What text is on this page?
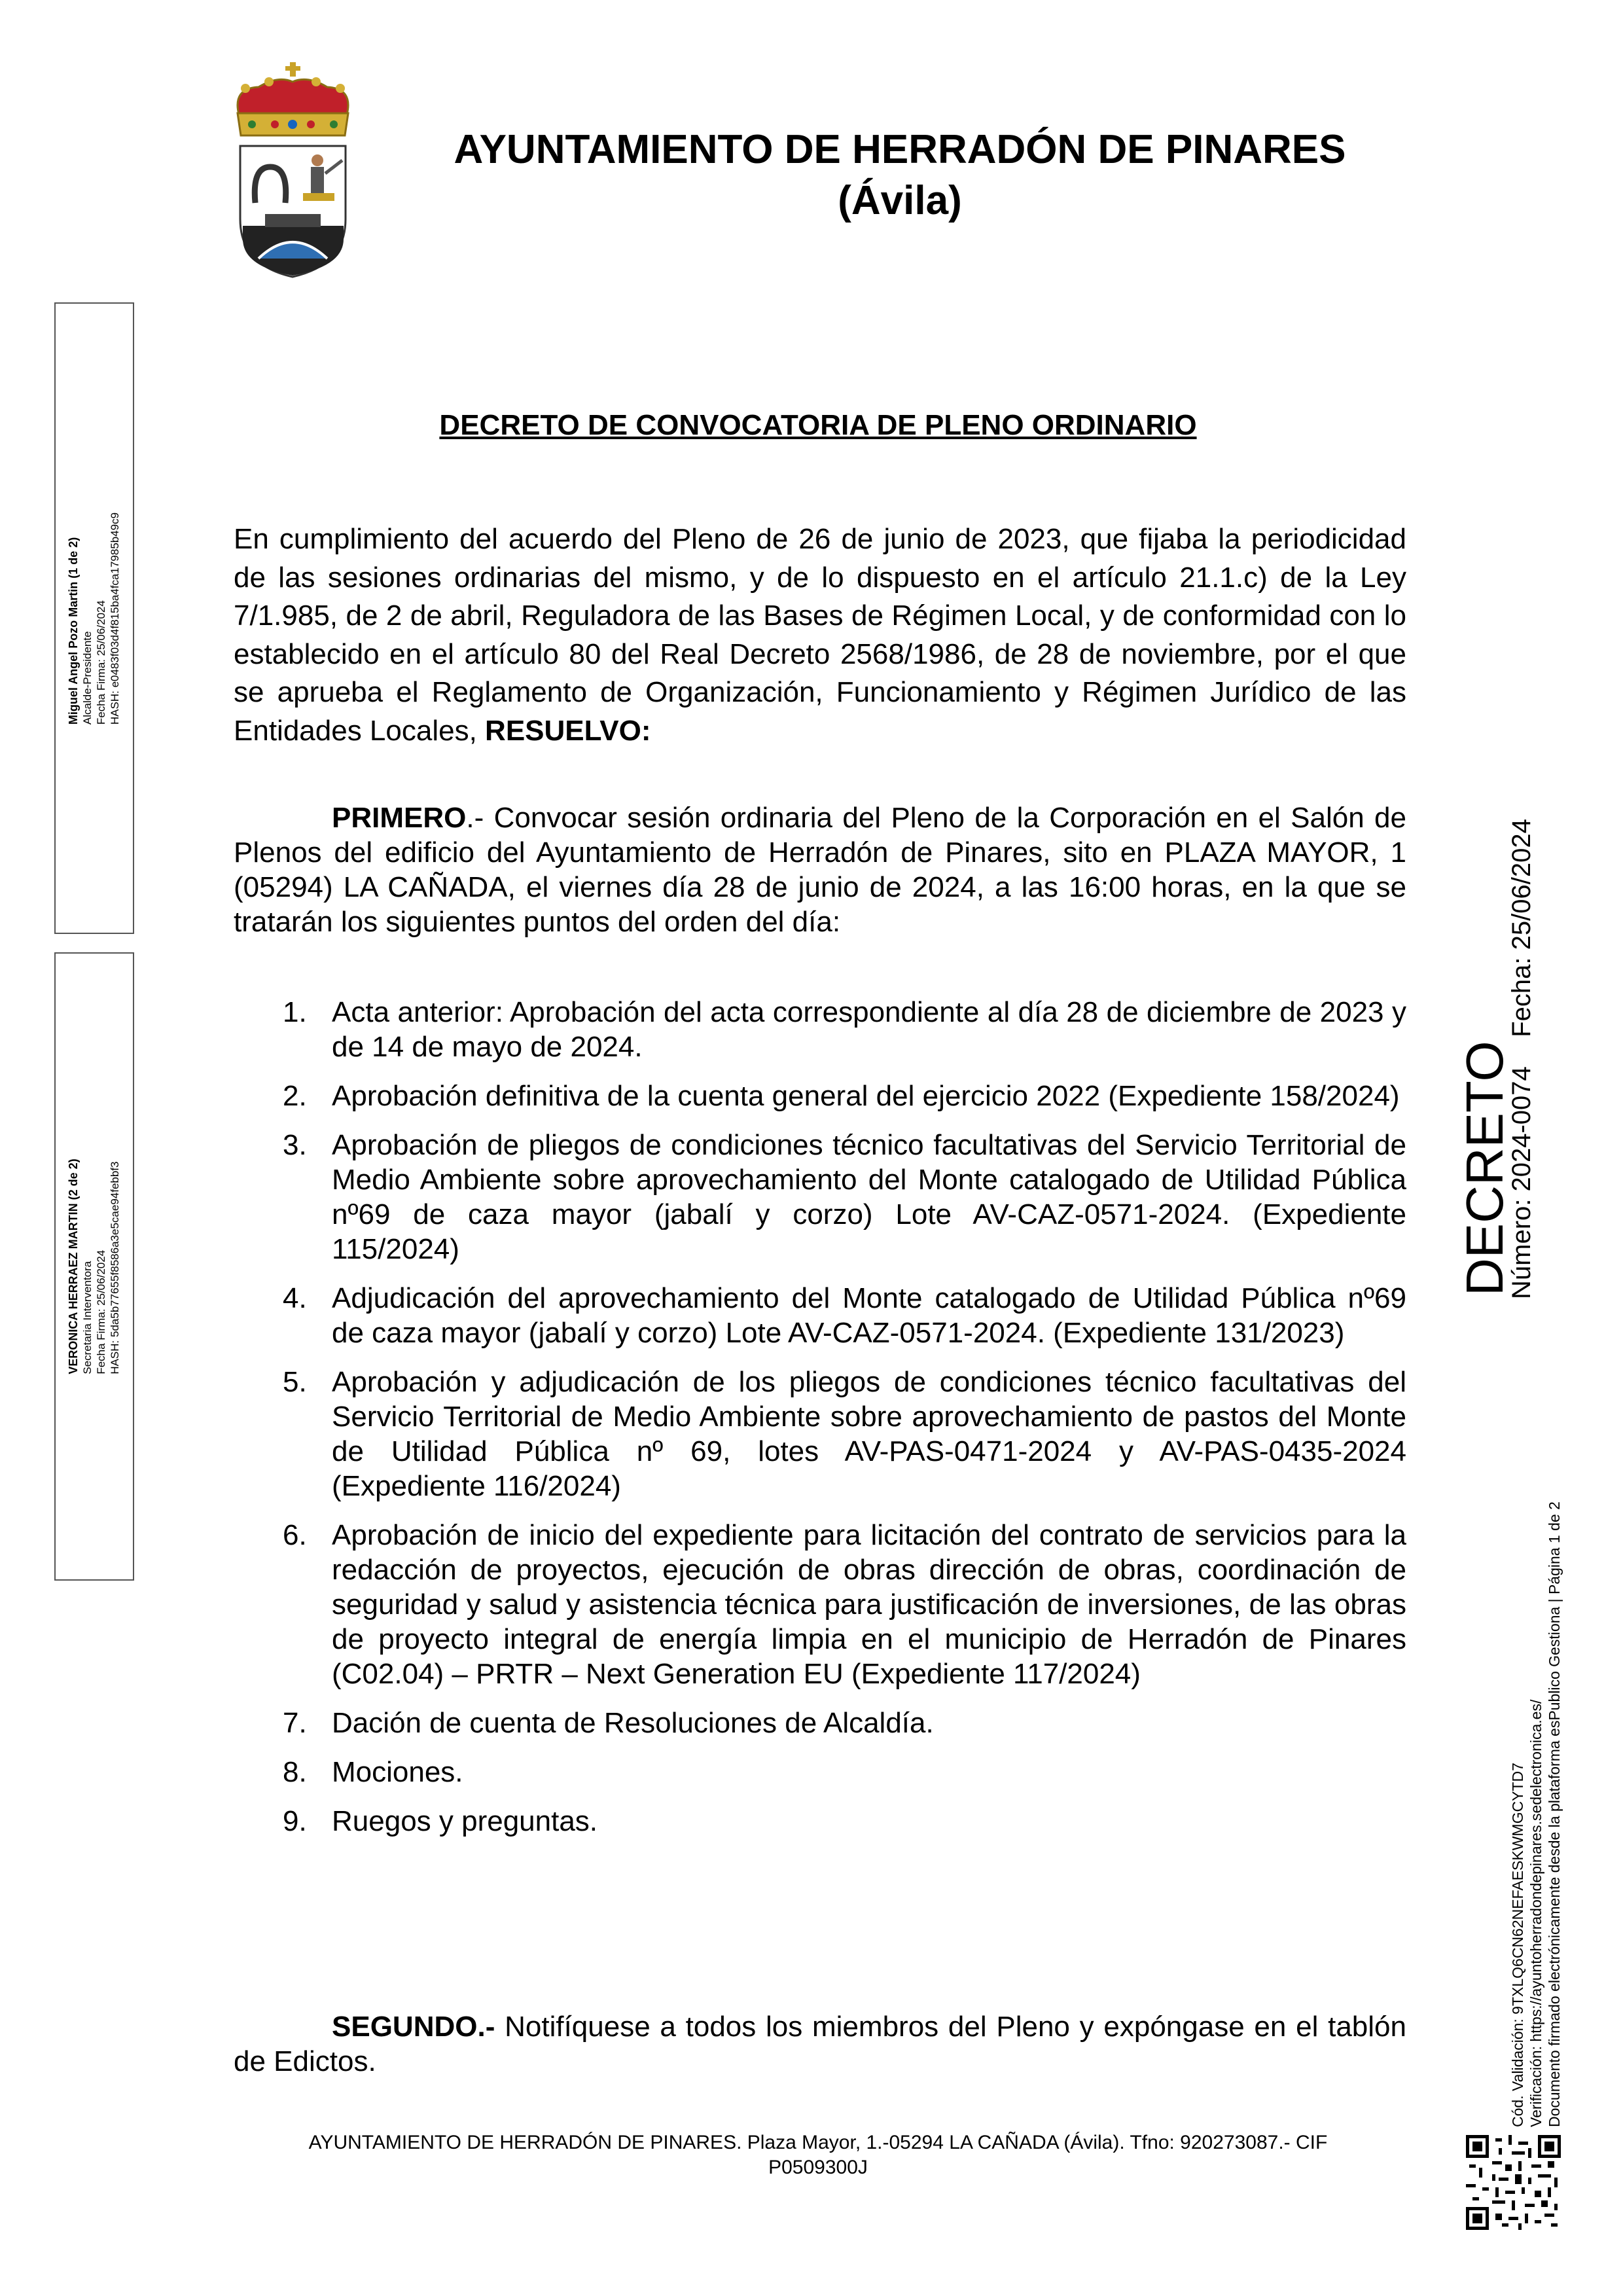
AYUNTAMIENTO DE HERRADÓN DE PINARES
(Ávila)
DECRETO DE CONVOCATORIA DE PLENO ORDINARIO
En cumplimiento del acuerdo del Pleno de 26 de junio de 2023, que fijaba la periodicidad de las sesiones ordinarias del mismo, y de lo dispuesto en el artículo 21.1.c) de la Ley 7/1.985, de 2 de abril, Reguladora de las Bases de Régimen Local, y de conformidad con lo establecido en el artículo 80 del Real Decreto 2568/1986, de 28 de noviembre, por el que se aprueba el Reglamento de Organización, Funcionamiento y Régimen Jurídico de las Entidades Locales, RESUELVO:
PRIMERO.- Convocar sesión ordinaria del Pleno de la Corporación en el Salón de Plenos del edificio del Ayuntamiento de Herradón de Pinares, sito en PLAZA MAYOR, 1 (05294) LA CAÑADA, el viernes día 28 de junio de 2024, a las 16:00 horas, en la que se tratarán los siguientes puntos del orden del día:
1. Acta anterior: Aprobación del acta correspondiente al día 28 de diciembre de 2023 y de 14 de mayo de 2024.
2. Aprobación definitiva de la cuenta general del ejercicio 2022 (Expediente 158/2024)
3. Aprobación de pliegos de condiciones técnico facultativas del Servicio Territorial de Medio Ambiente sobre aprovechamiento del Monte catalogado de Utilidad Pública nº69 de caza mayor (jabalí y corzo) Lote AV-CAZ-0571-2024. (Expediente 115/2024)
4. Adjudicación del aprovechamiento del Monte catalogado de Utilidad Pública nº69 de caza mayor (jabalí y corzo) Lote AV-CAZ-0571-2024. (Expediente 131/2023)
5. Aprobación y adjudicación de los pliegos de condiciones técnico facultativas del Servicio Territorial de Medio Ambiente sobre aprovechamiento de pastos del Monte de Utilidad Pública nº 69, lotes AV-PAS-0471-2024 y AV-PAS-0435-2024 (Expediente 116/2024)
6. Aprobación de inicio del expediente para licitación del contrato de servicios para la redacción de proyectos, ejecución de obras dirección de obras, coordinación de seguridad y salud y asistencia técnica para justificación de inversiones, de las obras de proyecto integral de energía limpia en el municipio de Herradón de Pinares (C02.04) – PRTR – Next Generation EU (Expediente 117/2024)
7. Dación de cuenta de Resoluciones de Alcaldía.
8. Mociones.
9. Ruegos y preguntas.
SEGUNDO.- Notifíquese a todos los miembros del Pleno y expóngase en el tablón de Edictos.
AYUNTAMIENTO DE HERRADÓN DE PINARES. Plaza Mayor, 1.-05294 LA CAÑADA (Ávila). Tfno: 920273087.- CIF
P0509300J
Miguel Angel Pozo Martin (1 de 2) Alcalde-Presidente Fecha Firma: 25/06/2024 HASH: e0483f03d4f815ba4fca17985b49c9
VERONICA HERRAEZ MARTIN (2 de 2) Secretaria Interventora Fecha Firma: 25/06/2024 HASH: 5da5b77655f8586a3e5cae94febbf3	DECRETO
Número: 2024-0074    Fecha: 25/06/2024
Cód. Validación: 9TXLQ6CN62NEFAESKWMGCYTD7 Verificación: https://ayuntoherradondepinares.sedelectronica.es/ Documento firmado electrónicamente desde la plataforma esPublico Gestiona | Página 1 de 2
